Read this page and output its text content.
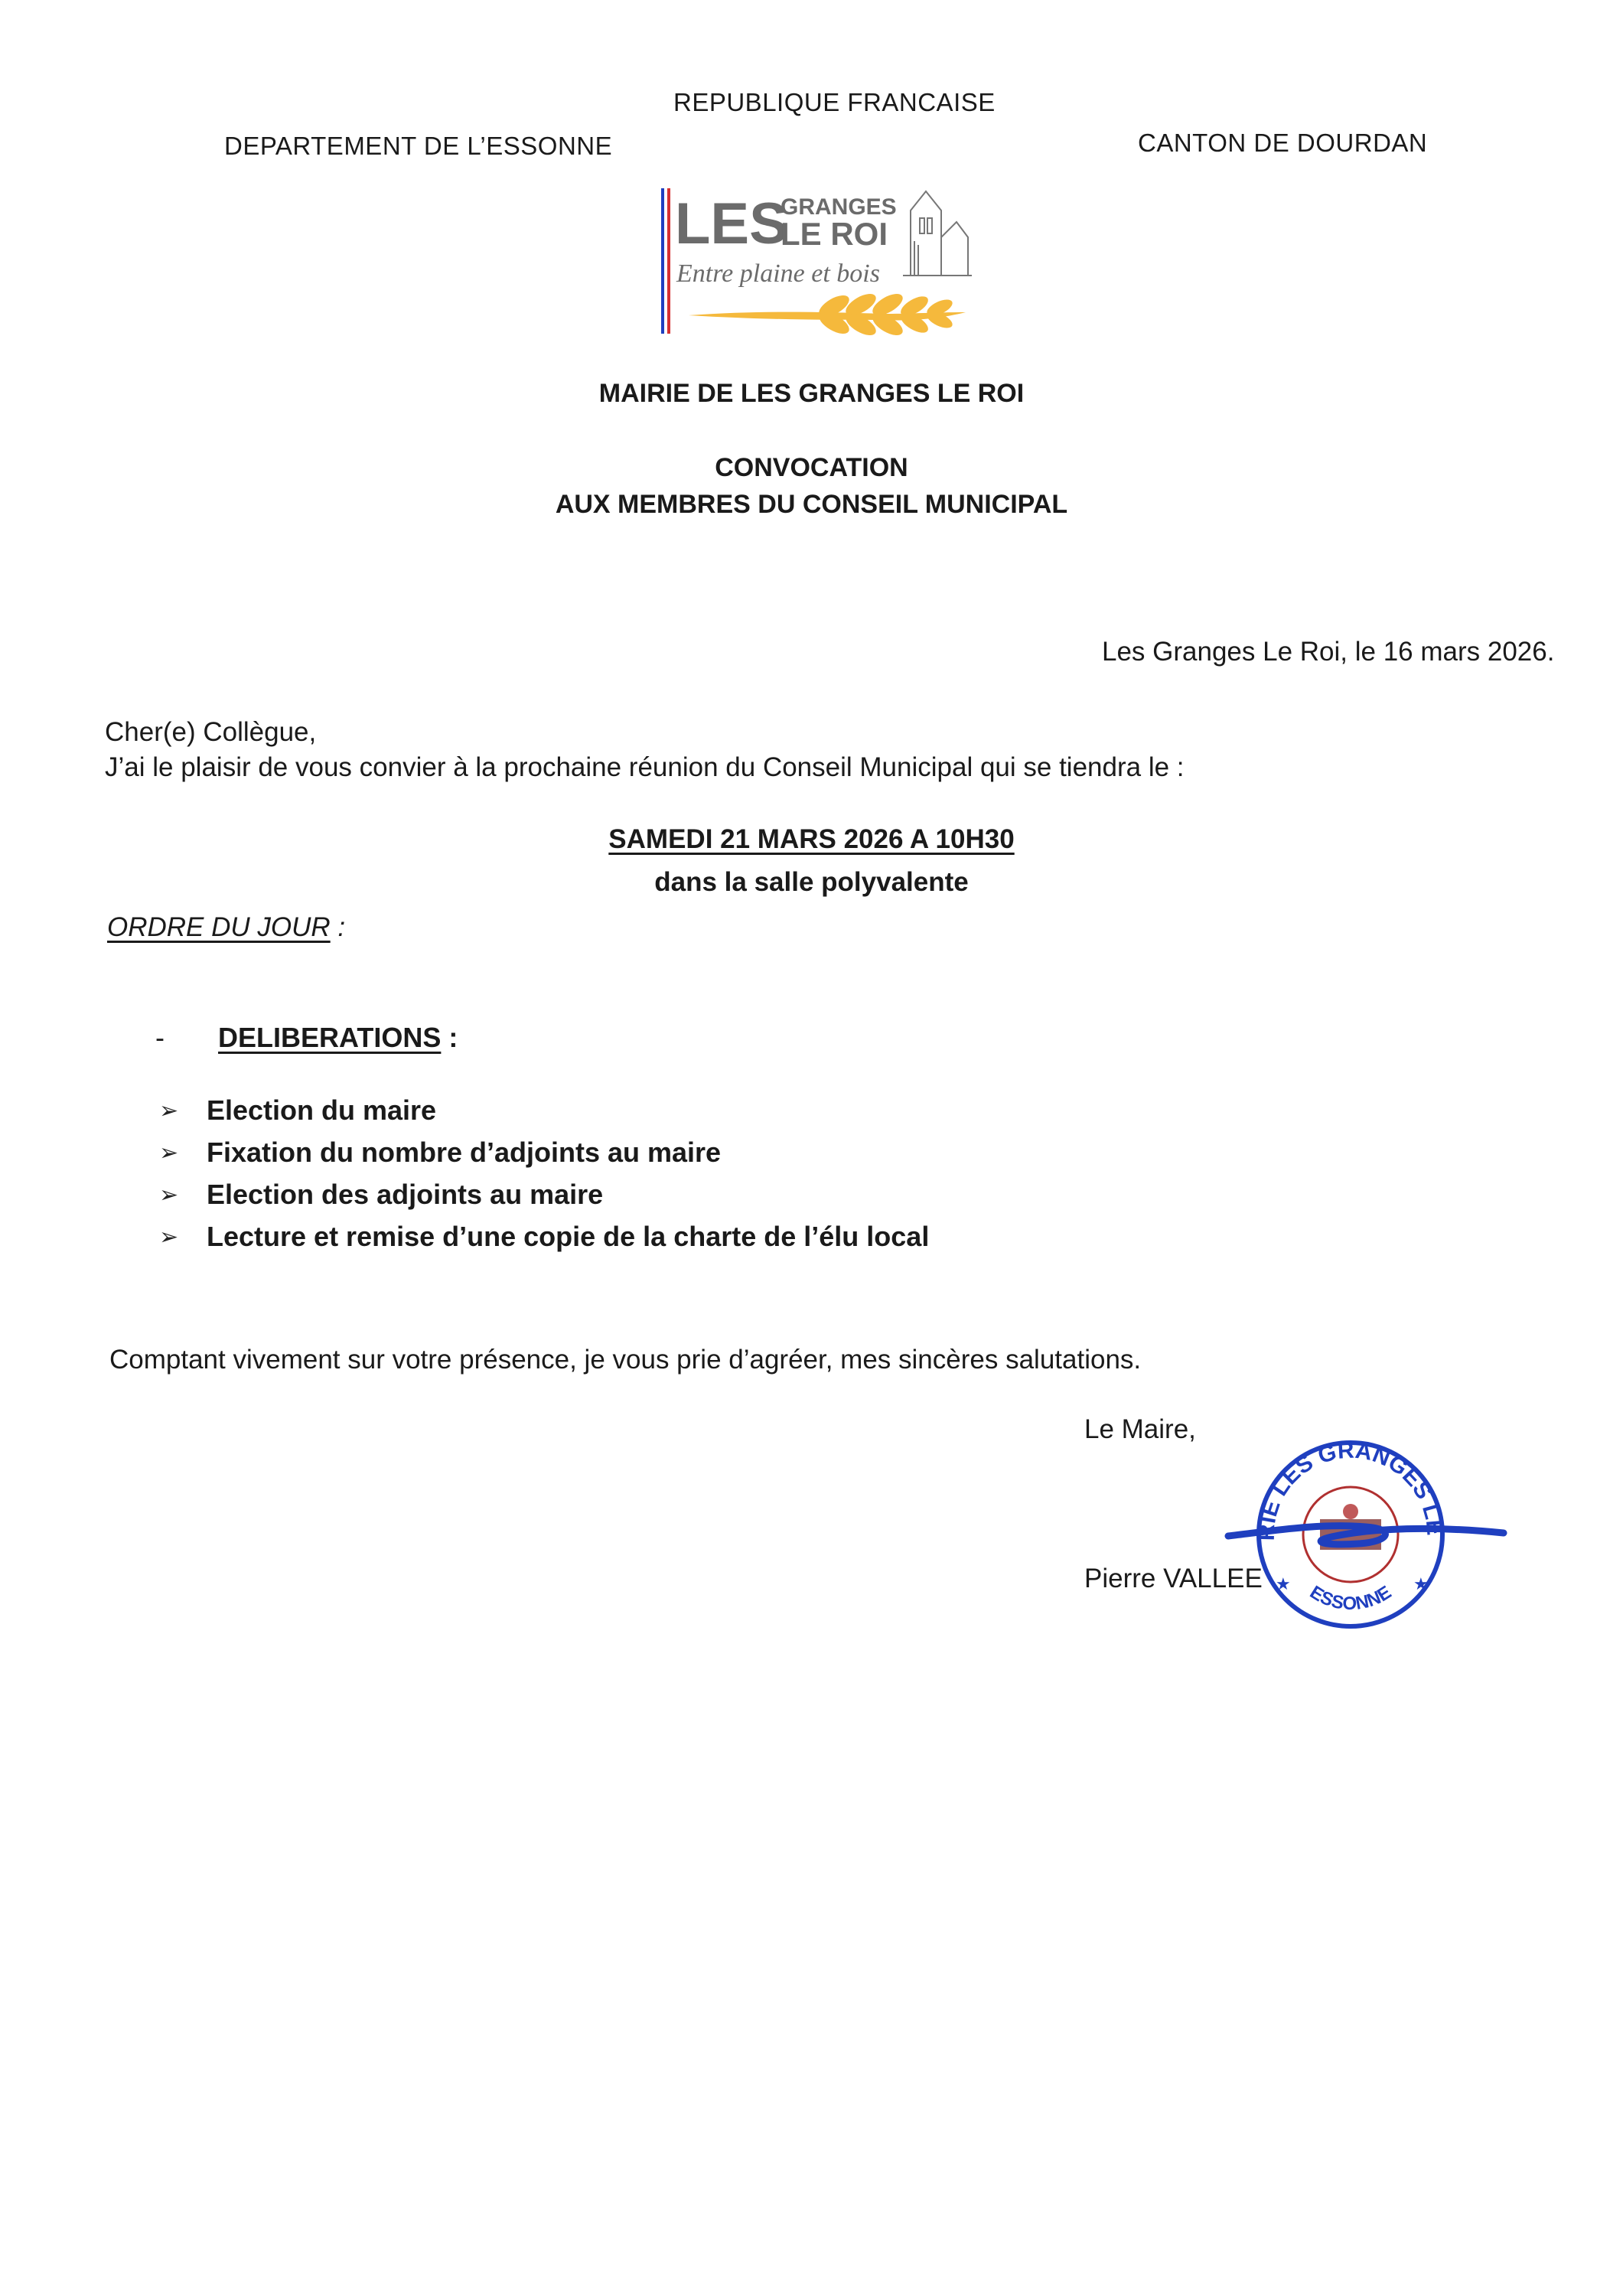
REPUBLIQUE FRANCAISE
DEPARTEMENT DE L’ESSONNE	CANTON DE DOURDAN
LES
GRANGES
LE ROI
Entre plaine et bois
MAIRIE DE LES GRANGES LE ROI
CONVOCATION
AUX MEMBRES DU CONSEIL MUNICIPAL
Les Granges Le Roi, le 16 mars 2026.
Cher(e) Collègue,
J’ai le plaisir de vous convier à la prochaine réunion du Conseil Municipal qui se tiendra le :
SAMEDI 21 MARS 2026 A 10H30
dans la salle polyvalente
ORDRE DU JOUR :
- DELIBERATIONS :
➢	Election du maire
➢	Fixation du nombre d’adjoints au maire
➢	Election des adjoints au maire
➢	Lecture et remise d’une copie de la charte de l’élu local
Comptant vivement sur votre présence, je vous prie d’agréer, mes sincères salutations.
Le Maire,
Pierre VALLEE
RIE LES GRANGES LE
ESSONNE
★	★
